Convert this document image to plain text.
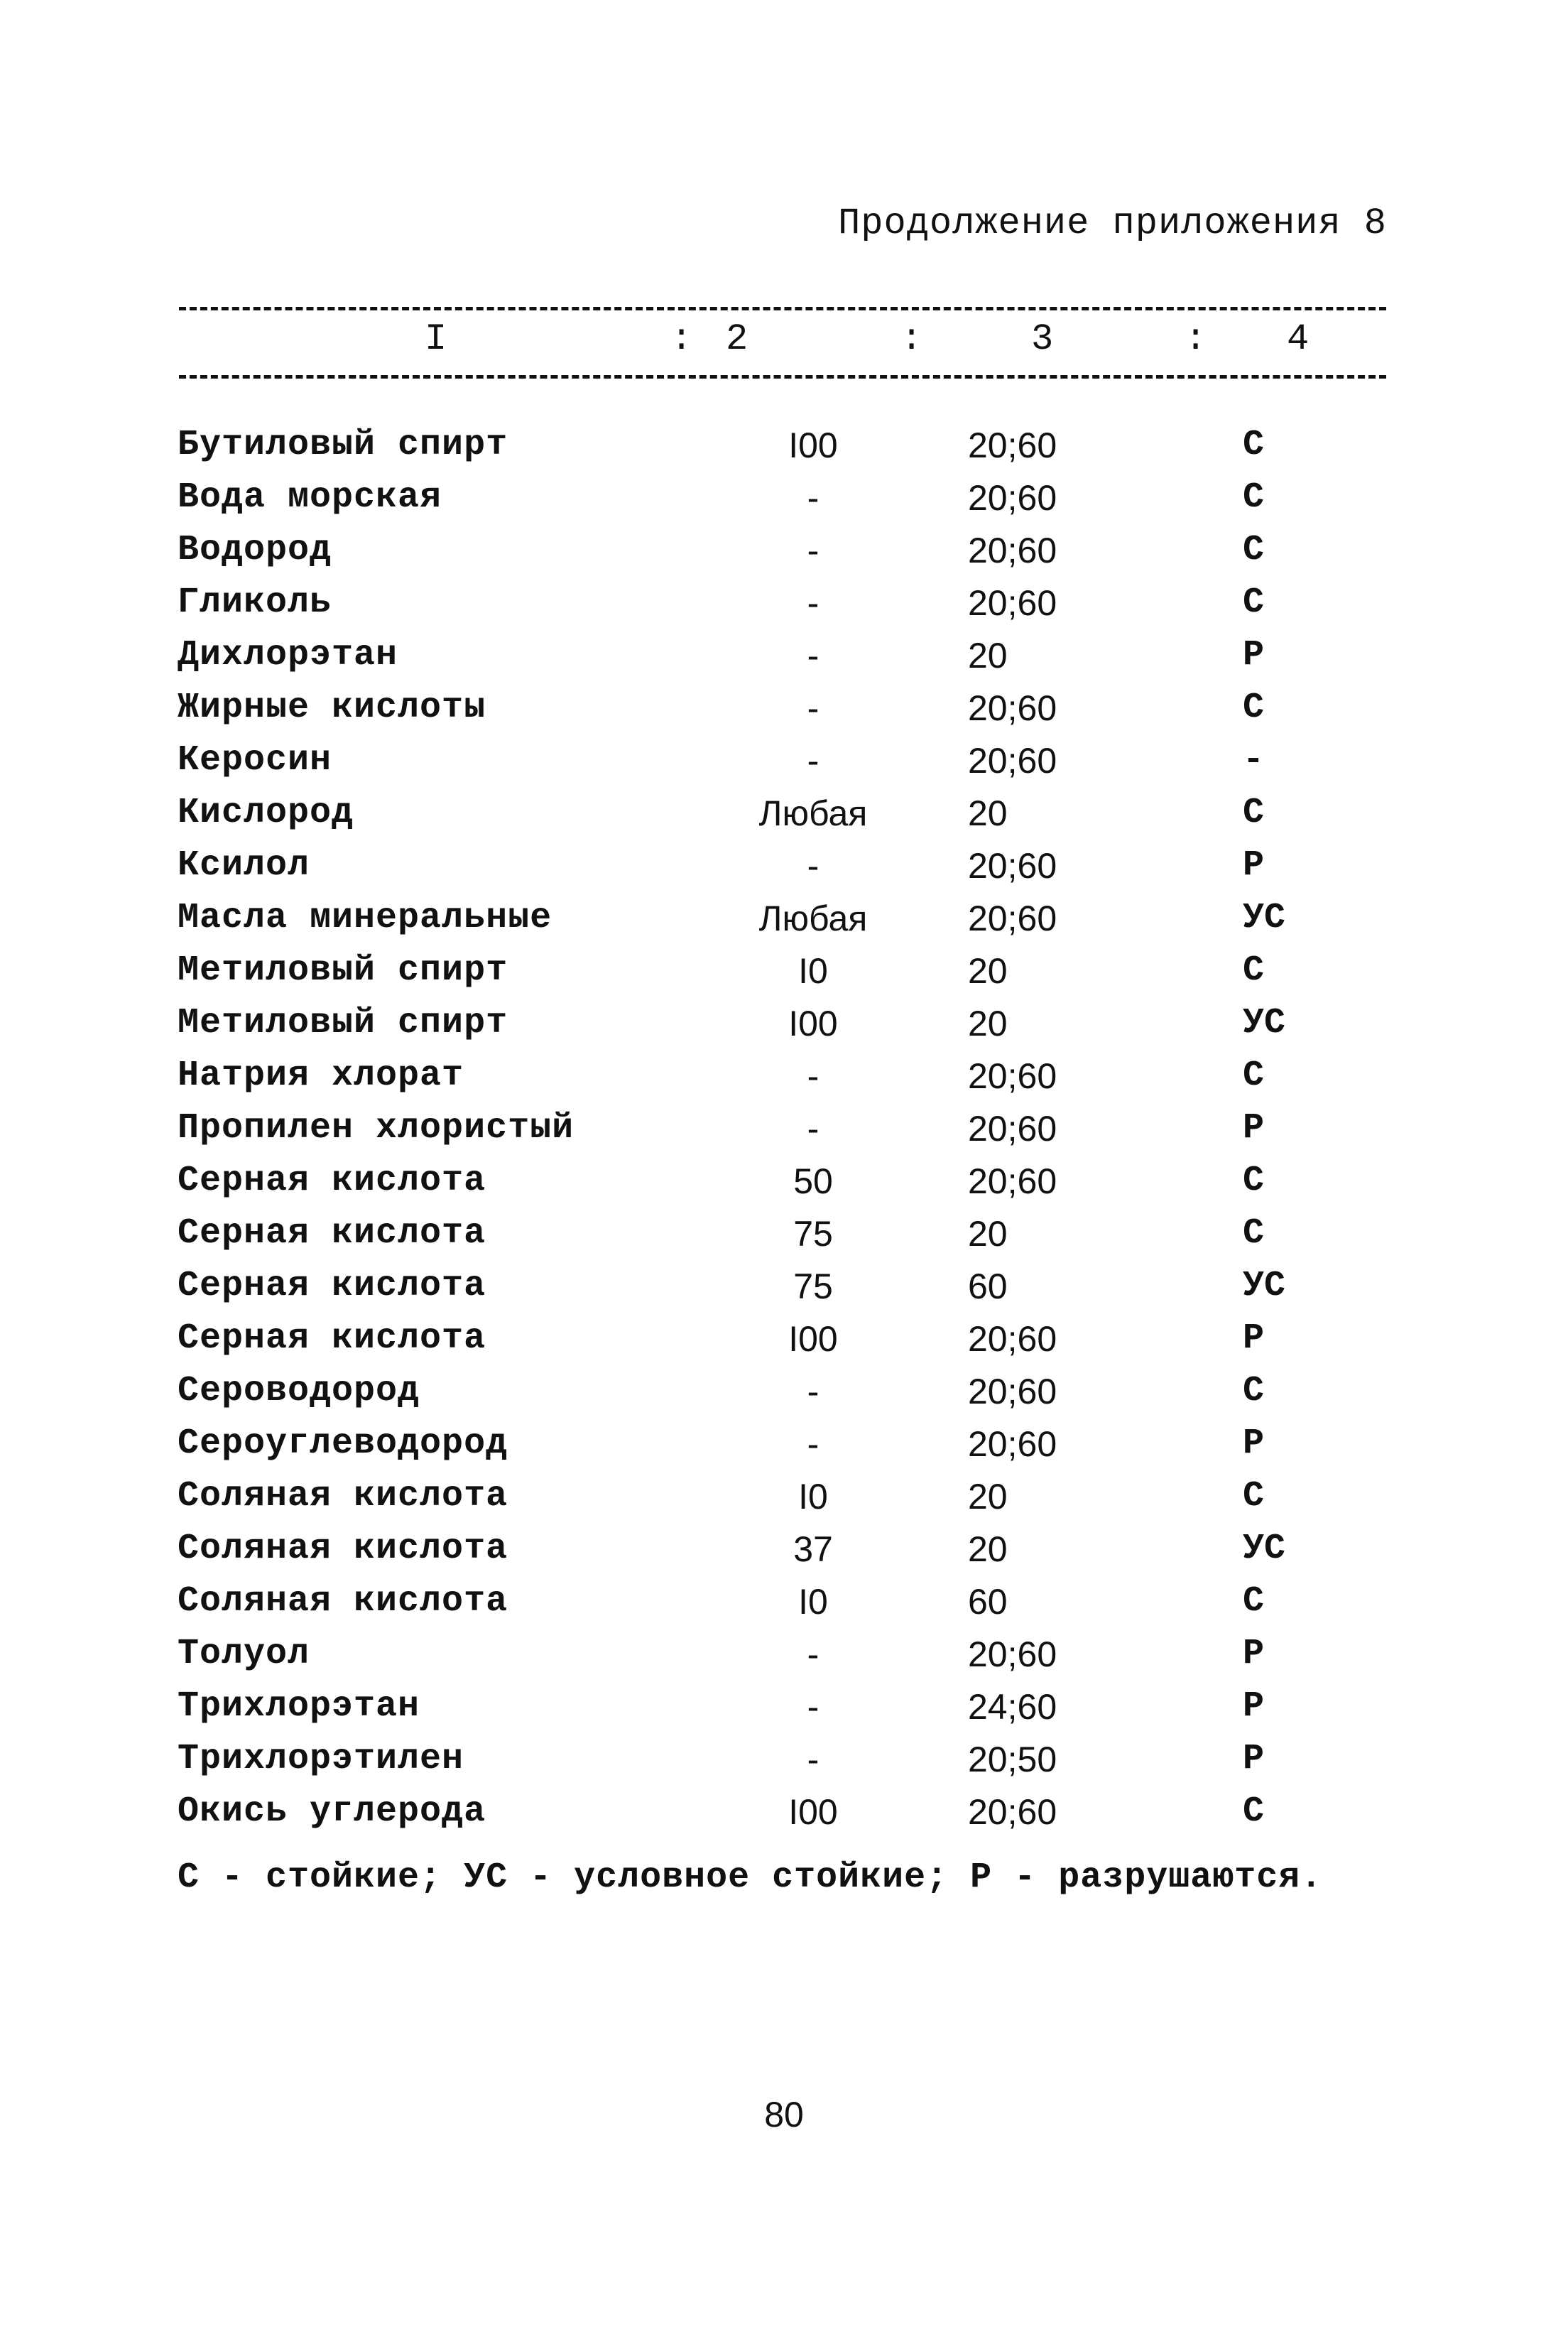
Продолжение приложения 8
I	: 2	:	3	: 4
Бутиловый спирт	I00	20;60	С
Вода морская	-	20;60	С
Водород	-	20;60	С
Гликоль	-	20;60	С
Дихлорэтан	-	20	Р
Жирные кислоты	-	20;60	С
Керосин	-	20;60	-
Кислород	Любая	20	С
Ксилол	-	20;60	Р
Масла минеральные	Любая	20;60	УС
Метиловый спирт	I0	20	С
Метиловый спирт	I00	20	УС
Натрия хлорат	-	20;60	С
Пропилен хлористый	-	20;60	Р
Серная кислота	50	20;60	С
Серная кислота	75	20	С
Серная кислота	75	60	УС
Серная кислота	I00	20;60	Р
Сероводород	-	20;60	С
Сероуглеводород	-	20;60	Р
Соляная кислота	I0	20	С
Соляная кислота	37	20	УС
Соляная кислота	I0	60	С
Толуол	-	20;60	Р
Трихлорэтан	-	24;60	Р
Трихлорэтилен	-	20;50	Р
Окись углерода	I00	20;60	С
С - стойкие; УС - условное стойкие; Р - разрушаются.
80
